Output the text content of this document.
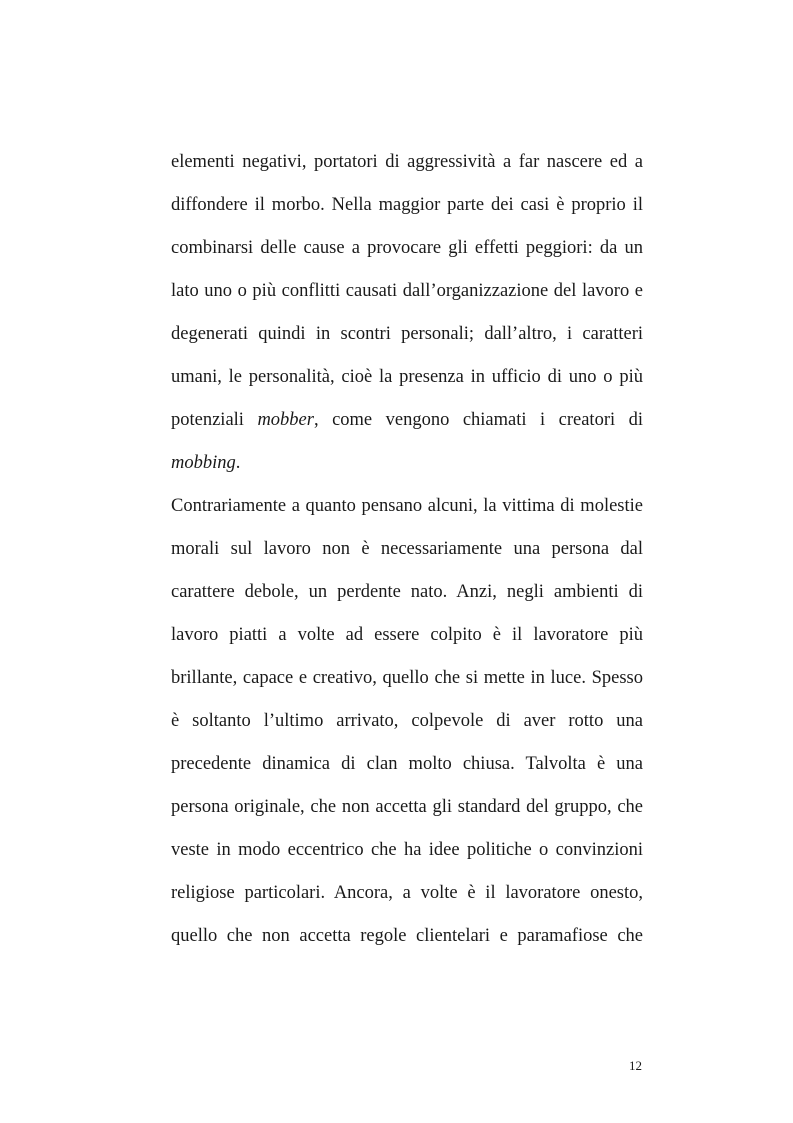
elementi negativi, portatori di aggressività a far nascere ed a
diffondere il morbo. Nella maggior parte dei casi è proprio il
combinarsi delle cause a provocare gli effetti peggiori: da un
lato uno o più conflitti causati dall’organizzazione del lavoro e
degenerati quindi in scontri personali; dall’altro, i caratteri
umani, le personalità, cioè la presenza in ufficio di uno o più
potenziali mobber, come vengono chiamati i creatori di
mobbing.
Contrariamente a quanto pensano alcuni, la vittima di molestie
morali sul lavoro non è necessariamente una persona dal
carattere debole, un perdente nato. Anzi, negli ambienti di
lavoro piatti a volte ad essere colpito è il lavoratore più
brillante, capace e creativo, quello che si mette in luce. Spesso
è soltanto l’ultimo arrivato, colpevole di aver rotto una
precedente dinamica di clan molto chiusa. Talvolta è una
persona originale, che non accetta gli standard del gruppo, che
veste in modo eccentrico che ha idee politiche o convinzioni
religiose particolari. Ancora, a volte è il lavoratore onesto,
quello che non accetta regole clientelari e paramafiose che
12
